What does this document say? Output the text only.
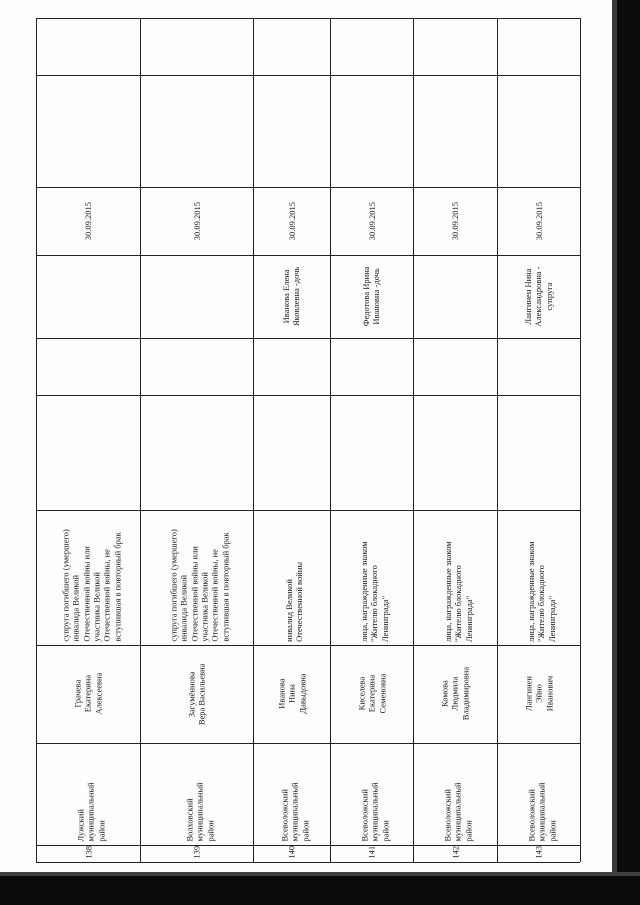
138
Лужский
муниципальный
район
Грачева
Екатерина
Алексеевна
супруга погибшего (умершего)
инвалида Великой
Отечественной войны или
участника Великой
Отечественной войны, не
вступившая в повторный брак
30.09.2015
139
Волховский
муниципальный
район
Загумённова
Вера Васильевна
супруга погибшего (умершего)
инвалида Великой
Отечественной войны или
участника Великой
Отечественной войны, не
вступившая в повторный брак
30.09.2015
140
Всеволожский
муниципальный
район
Иванова
Нина
Давыдовна
инвалид Великой
Отечественной войны
Иванова Елена
Яковлевна -дочь
30.09.2015
141
Всеволожский
муниципальный
район
Киселева
Екатерина
Семеновна
лица, награжденные знаком
"Жителю блокадного
Ленинграда"
Федотова Ирина
Ивановна -дочь
30.09.2015
142
Всеволожский
муниципальный
район
Комова
Людмила
Владимировна
лица, награжденные знаком
"Жителю блокадного
Ленинграда"
30.09.2015
143
Всеволожский
муниципальный
район
Лангинен
Эйно
Иванович
лица, награжденные знаком
"Жителю блокадного
Ленинграда"
Лангинен Нина
Александровна -
супруга
30.09.2015
